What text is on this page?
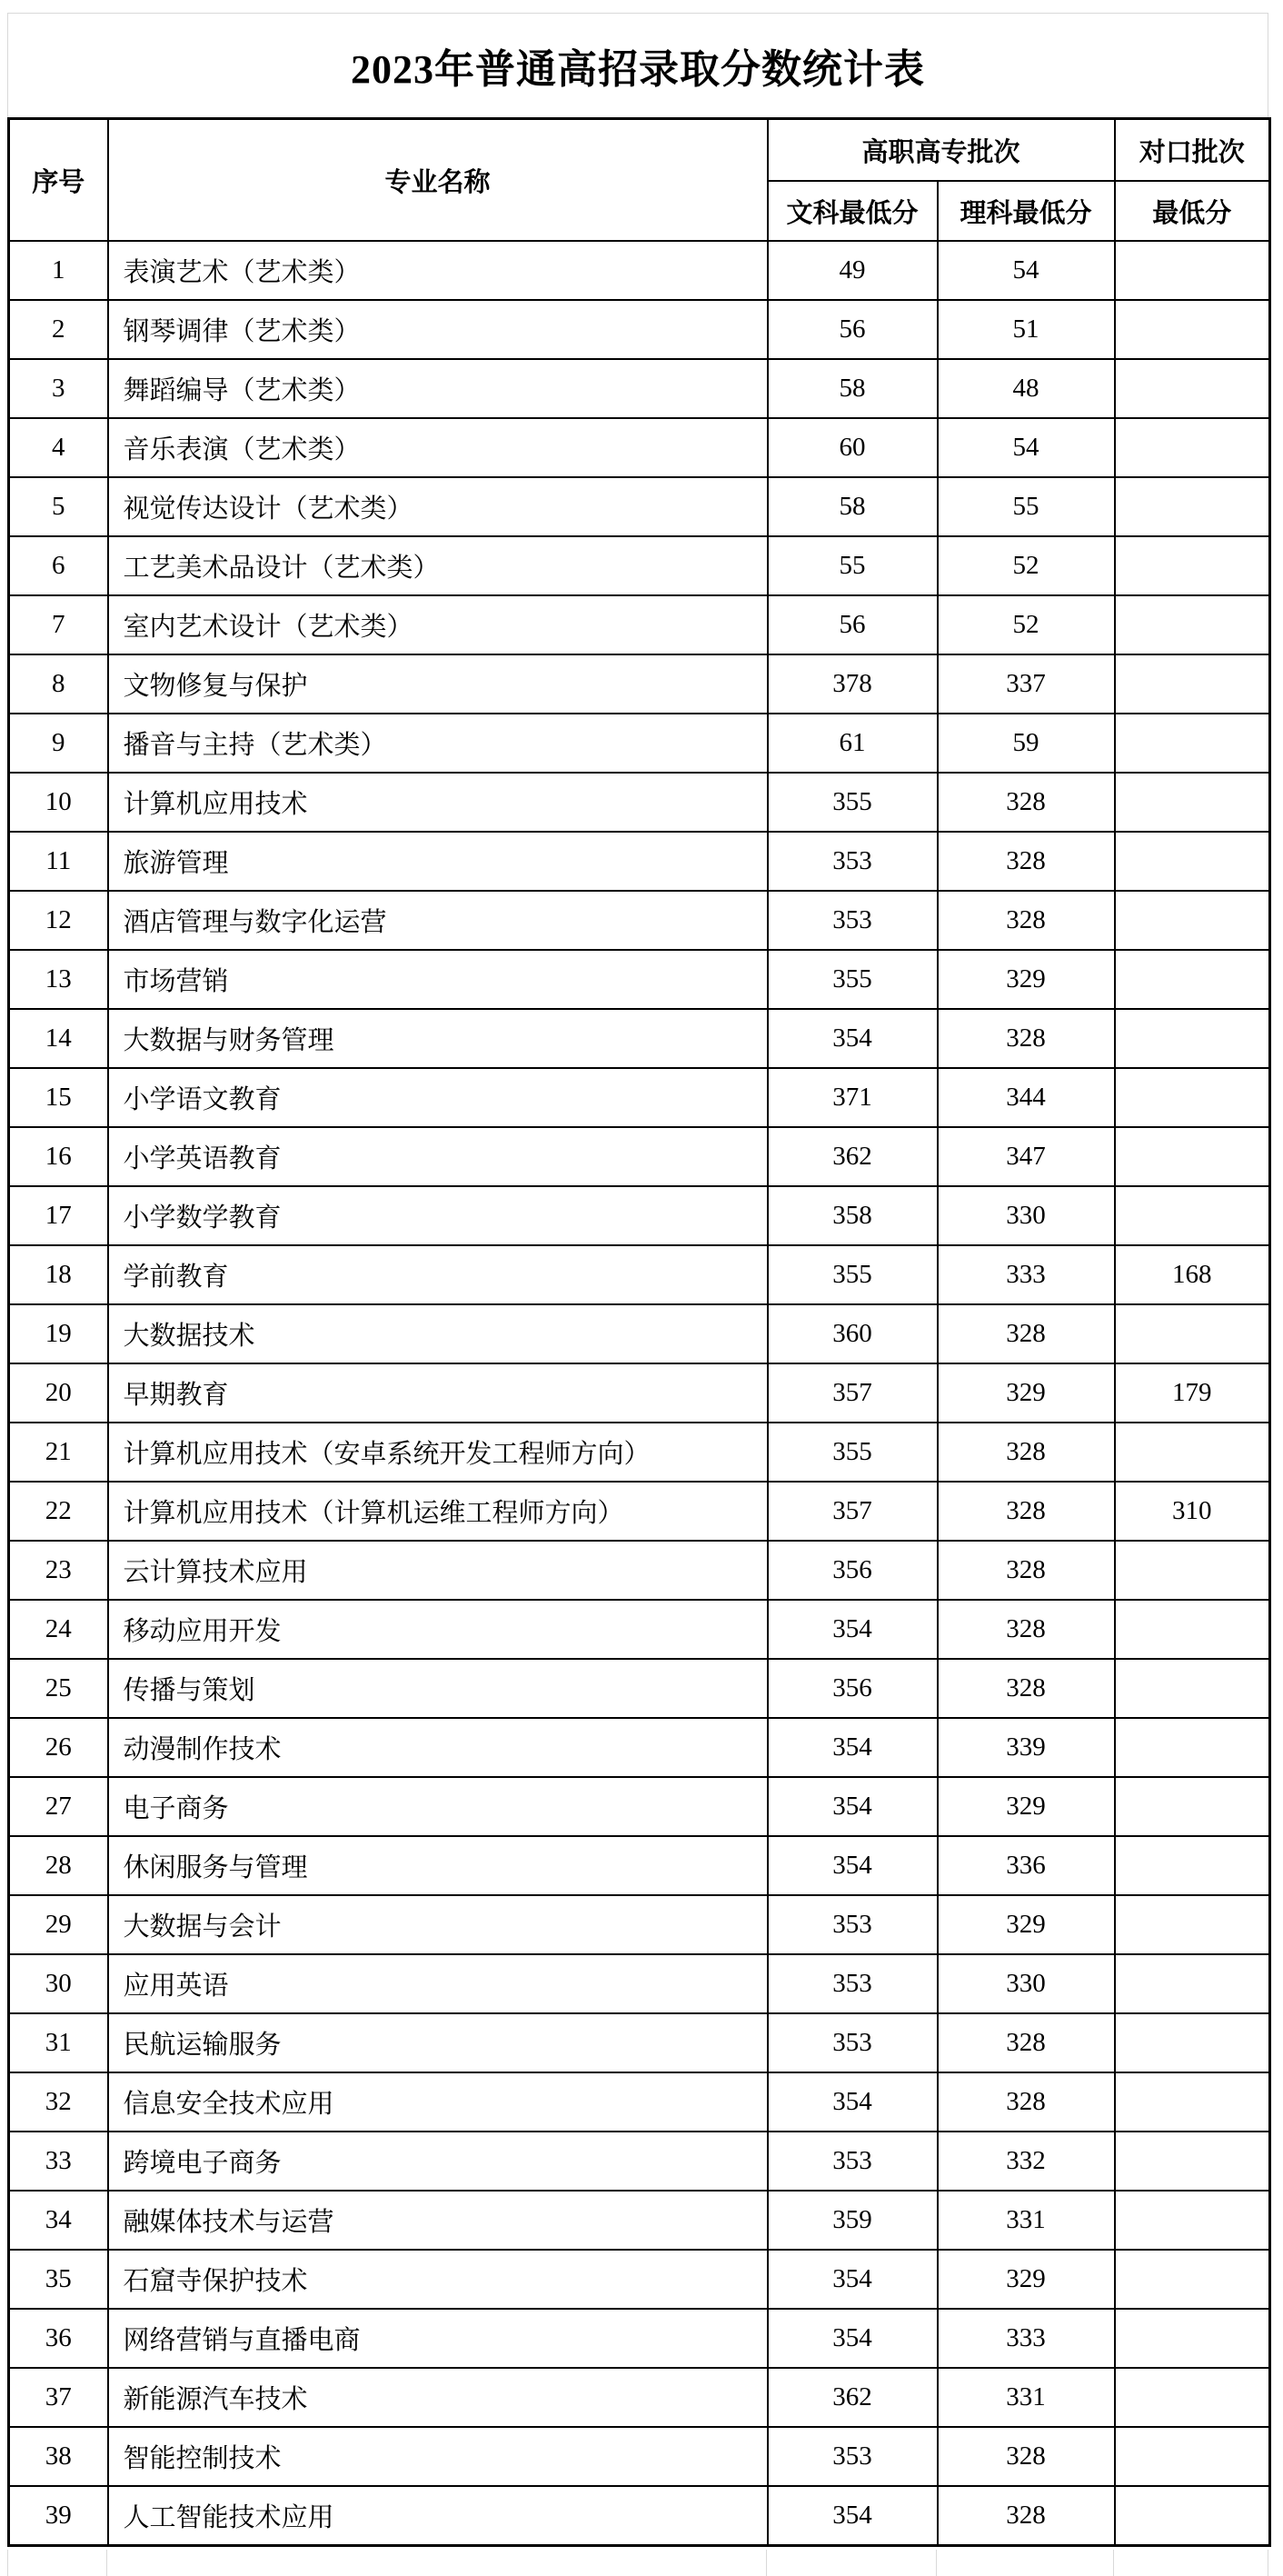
2023年普通高招录取分数统计表
序号	专业名称	高职高专批次		对口批次
		文科最低分	理科最低分	最低分
1	表演艺术（艺术类）	49	54	
2	钢琴调律（艺术类）	56	51	
3	舞蹈编导（艺术类）	58	48	
4	音乐表演（艺术类）	60	54	
5	视觉传达设计（艺术类）	58	55	
6	工艺美术品设计（艺术类）	55	52	
7	室内艺术设计（艺术类）	56	52	
8	文物修复与保护	378	337	
9	播音与主持（艺术类）	61	59	
10	计算机应用技术	355	328	
11	旅游管理	353	328	
12	酒店管理与数字化运营	353	328	
13	市场营销	355	329	
14	大数据与财务管理	354	328	
15	小学语文教育	371	344	
16	小学英语教育	362	347	
17	小学数学教育	358	330	
18	学前教育	355	333	168
19	大数据技术	360	328	
20	早期教育	357	329	179
21	计算机应用技术（安卓系统开发工程师方向）	355	328	
22	计算机应用技术（计算机运维工程师方向）	357	328	310
23	云计算技术应用	356	328	
24	移动应用开发	354	328	
25	传播与策划	356	328	
26	动漫制作技术	354	339	
27	电子商务	354	329	
28	休闲服务与管理	354	336	
29	大数据与会计	353	329	
30	应用英语	353	330	
31	民航运输服务	353	328	
32	信息安全技术应用	354	328	
33	跨境电子商务	353	332	
34	融媒体技术与运营	359	331	
35	石窟寺保护技术	354	329	
36	网络营销与直播电商	354	333	
37	新能源汽车技术	362	331	
38	智能控制技术	353	328	
39	人工智能技术应用	354	328	
